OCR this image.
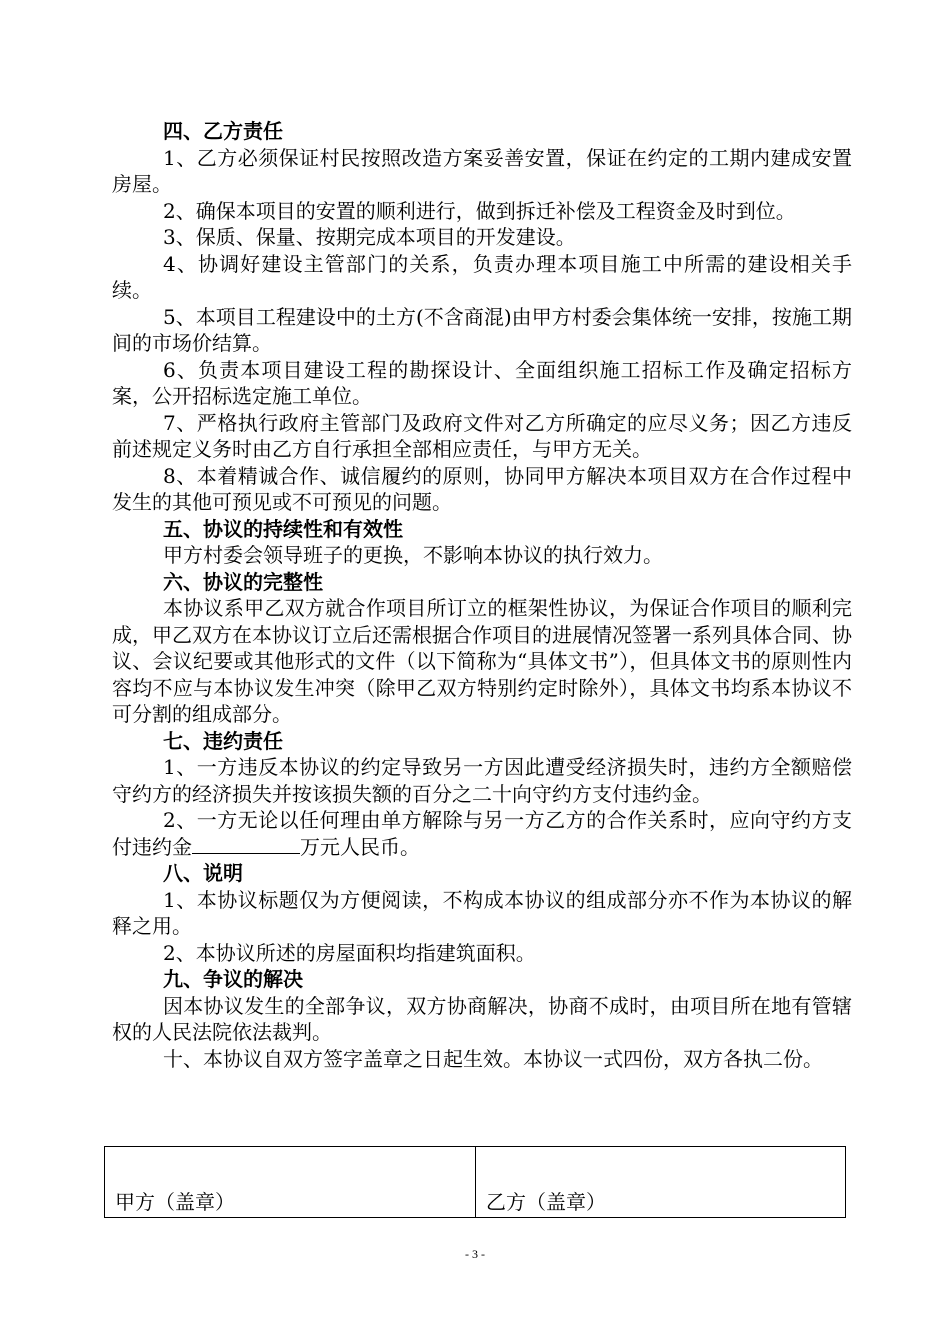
四、乙方责任

1、乙方必须保证村民按照改造方案妥善安置，保证在约定的工期内建成安置房屋。

2、确保本项目的安置的顺利进行，做到拆迁补偿及工程资金及时到位。

3、保质、保量、按期完成本项目的开发建设。

4、协调好建设主管部门的关系，负责办理本项目施工中所需的建设相关手续。

5、本项目工程建设中的土方(不含商混)由甲方村委会集体统一安排，按施工期间的市场价结算。

6、负责本项目建设工程的勘探设计、全面组织施工招标工作及确定招标方案，公开招标选定施工单位。

7、严格执行政府主管部门及政府文件对乙方所确定的应尽义务；因乙方违反前述规定义务时由乙方自行承担全部相应责任，与甲方无关。

8、本着精诚合作、诚信履约的原则，协同甲方解决本项目双方在合作过程中发生的其他可预见或不可预见的问题。

五、协议的持续性和有效性

甲方村委会领导班子的更换，不影响本协议的执行效力。

六、协议的完整性

本协议系甲乙双方就合作项目所订立的框架性协议，为保证合作项目的顺利完成，甲乙双方在本协议订立后还需根据合作项目的进展情况签署一系列具体合同、协议、会议纪要或其他形式的文件（以下简称为“具体文书”），但具体文书的原则性内容均不应与本协议发生冲突（除甲乙双方特别约定时除外），具体文书均系本协议不可分割的组成部分。

七、违约责任

1、一方违反本协议的约定导致另一方因此遭受经济损失时，违约方全额赔偿守约方的经济损失并按该损失额的百分之二十向守约方支付违约金。

2、一方无论以任何理由单方解除与另一方乙方的合作关系时，应向守约方支付违约金	万元人民币。

八、说明

1、本协议标题仅为方便阅读，不构成本协议的组成部分亦不作为本协议的解释之用。

2、本协议所述的房屋面积均指建筑面积。

九、争议的解决

因本协议发生的全部争议，双方协商解决，协商不成时，由项目所在地有管辖权的人民法院依法裁判。

十、本协议自双方签字盖章之日起生效。本协议一式四份，双方各执二份。

甲方（盖章）	乙方（盖章）
- 3 -
